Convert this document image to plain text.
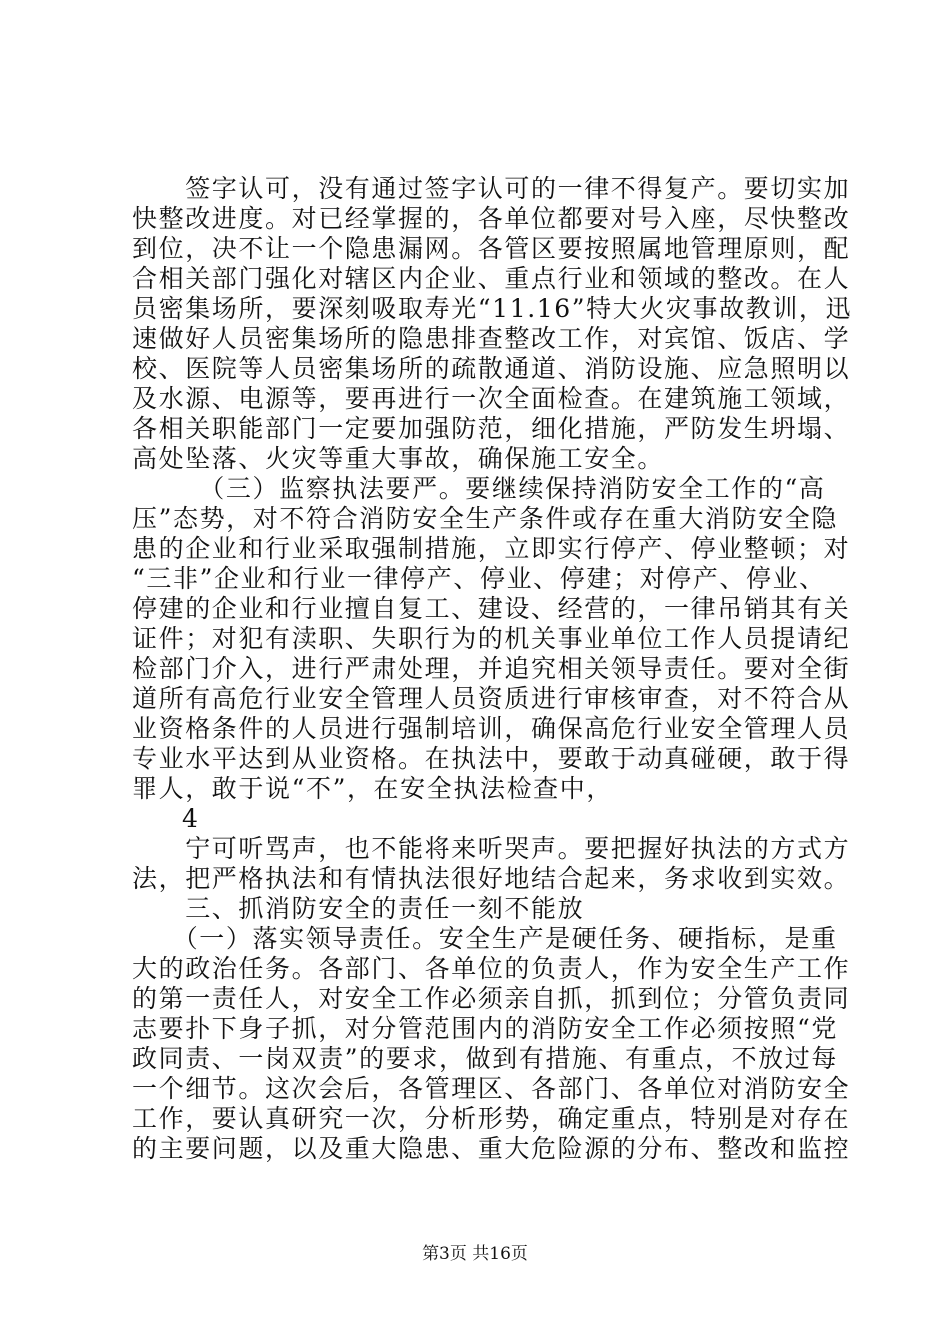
　　签字认可，没有通过签字认可的一律不得复产。要切实加
快整改进度。对已经掌握的，各单位都要对号入座，尽快整改
到位，决不让一个隐患漏网。各管区要按照属地管理原则，配
合相关部门强化对辖区内企业、重点行业和领域的整改。在人
员密集场所，要深刻吸取寿光“11.16”特大火灾事故教训，迅
速做好人员密集场所的隐患排查整改工作，对宾馆、饭店、学
校、医院等人员密集场所的疏散通道、消防设施、应急照明以
及水源、电源等，要再进行一次全面检查。在建筑施工领域，
各相关职能部门一定要加强防范，细化措施，严防发生坍塌、
高处坠落、火灾等重大事故，确保施工安全。
　　　（三）监察执法要严。要继续保持消防安全工作的“高
压”态势，对不符合消防安全生产条件或存在重大消防安全隐
患的企业和行业采取强制措施，立即实行停产、停业整顿；对
“三非”企业和行业一律停产、停业、停建；对停产、停业、
停建的企业和行业擅自复工、建设、经营的，一律吊销其有关
证件；对犯有渎职、失职行为的机关事业单位工作人员提请纪
检部门介入，进行严肃处理，并追究相关领导责任。要对全街
道所有高危行业安全管理人员资质进行审核审查，对不符合从
业资格条件的人员进行强制培训，确保高危行业安全管理人员
专业水平达到从业资格。在执法中，要敢于动真碰硬，敢于得
罪人，敢于说“不”，在安全执法检查中，
4
　　宁可听骂声，也不能将来听哭声。要把握好执法的方式方
法，把严格执法和有情执法很好地结合起来，务求收到实效。
　　三、抓消防安全的责任一刻不能放
　　（一）落实领导责任。安全生产是硬任务、硬指标，是重
大的政治任务。各部门、各单位的负责人，作为安全生产工作
的第一责任人，对安全工作必须亲自抓，抓到位；分管负责同
志要扑下身子抓，对分管范围内的消防安全工作必须按照“党
政同责、一岗双责”的要求，做到有措施、有重点，不放过每
一个细节。这次会后，各管理区、各部门、各单位对消防安全
工作，要认真研究一次，分析形势，确定重点，特别是对存在
的主要问题，以及重大隐患、重大危险源的分布、整改和监控
第3页 共16页
